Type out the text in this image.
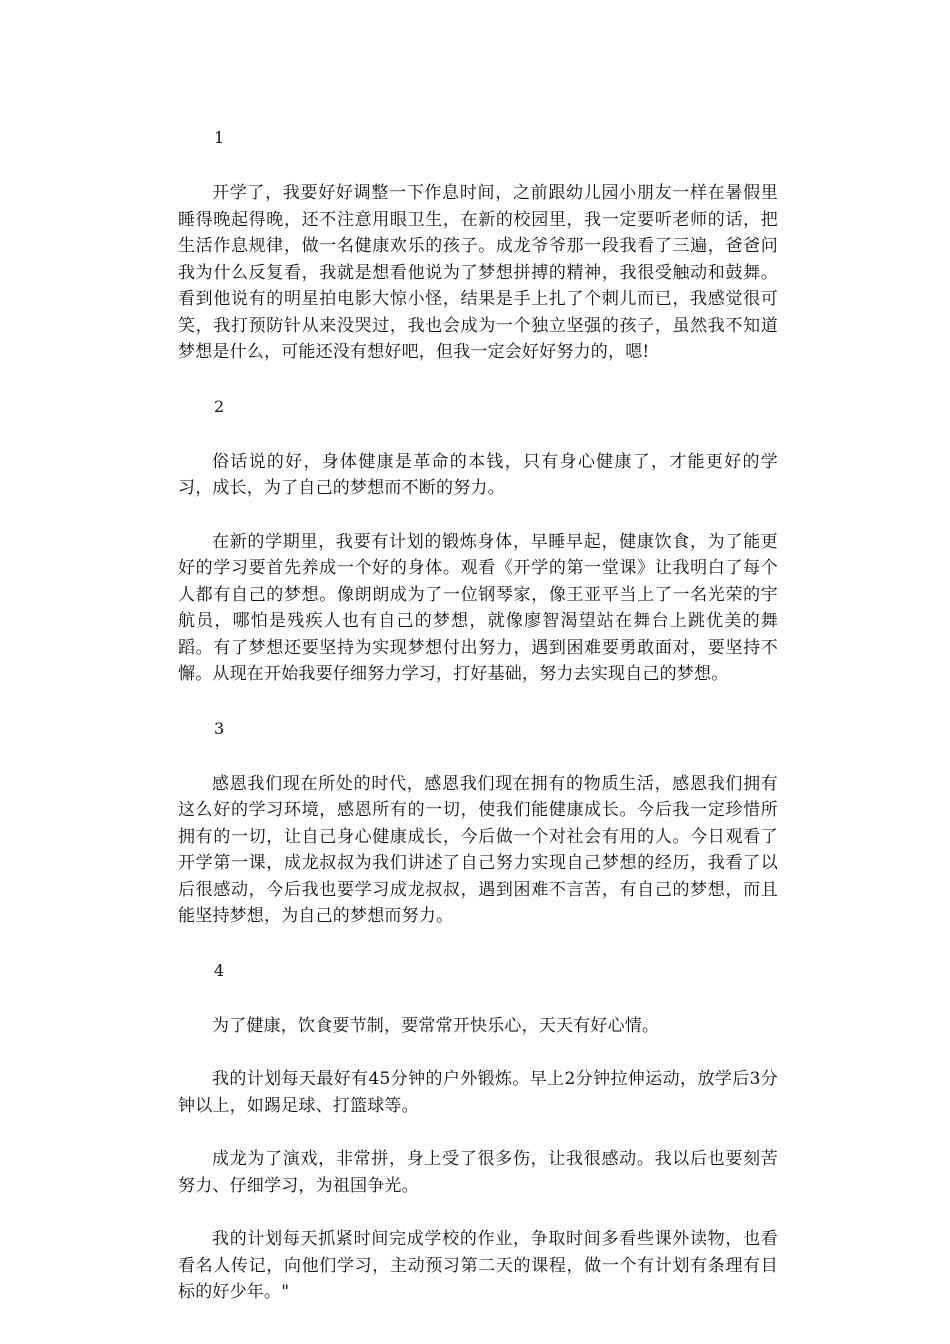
1

开学了，我要好好调整一下作息时间，之前跟幼儿园小朋友一样在暑假里睡得晚起得晚，还不注意用眼卫生，在新的校园里，我一定要听老师的话，把生活作息规律，做一名健康欢乐的孩子。成龙爷爷那一段我看了三遍，爸爸问我为什么反复看，我就是想看他说为了梦想拼搏的精神，我很受触动和鼓舞。看到他说有的明星拍电影大惊小怪，结果是手上扎了个刺儿而已，我感觉很可笑，我打预防针从来没哭过，我也会成为一个独立坚强的孩子，虽然我不知道梦想是什么，可能还没有想好吧，但我一定会好好努力的，嗯!

2

俗话说的好，身体健康是革命的本钱，只有身心健康了，才能更好的学习，成长，为了自己的梦想而不断的努力。

在新的学期里，我要有计划的锻炼身体，早睡早起，健康饮食，为了能更好的学习要首先养成一个好的身体。观看《开学的第一堂课》让我明白了每个人都有自己的梦想。像朗朗成为了一位钢琴家，像王亚平当上了一名光荣的宇航员，哪怕是残疾人也有自己的梦想，就像廖智渴望站在舞台上跳优美的舞蹈。有了梦想还要坚持为实现梦想付出努力，遇到困难要勇敢面对，要坚持不懈。从现在开始我要仔细努力学习，打好基础，努力去实现自己的梦想。

3

感恩我们现在所处的时代，感恩我们现在拥有的物质生活，感恩我们拥有这么好的学习环境，感恩所有的一切，使我们能健康成长。今后我一定珍惜所拥有的一切，让自己身心健康成长，今后做一个对社会有用的人。今日观看了开学第一课，成龙叔叔为我们讲述了自己努力实现自己梦想的经历，我看了以后很感动，今后我也要学习成龙叔叔，遇到困难不言苦，有自己的梦想，而且能坚持梦想，为自己的梦想而努力。

4

为了健康，饮食要节制，要常常开快乐心，天天有好心情。

我的计划每天最好有45分钟的户外锻炼。早上2分钟拉伸运动，放学后3分钟以上，如踢足球、打篮球等。

成龙为了演戏，非常拼，身上受了很多伤，让我很感动。我以后也要刻苦努力、仔细学习，为祖国争光。

我的计划每天抓紧时间完成学校的作业，争取时间多看些课外读物，也看看名人传记，向他们学习，主动预习第二天的课程，做一个有计划有条理有目标的好少年。"
